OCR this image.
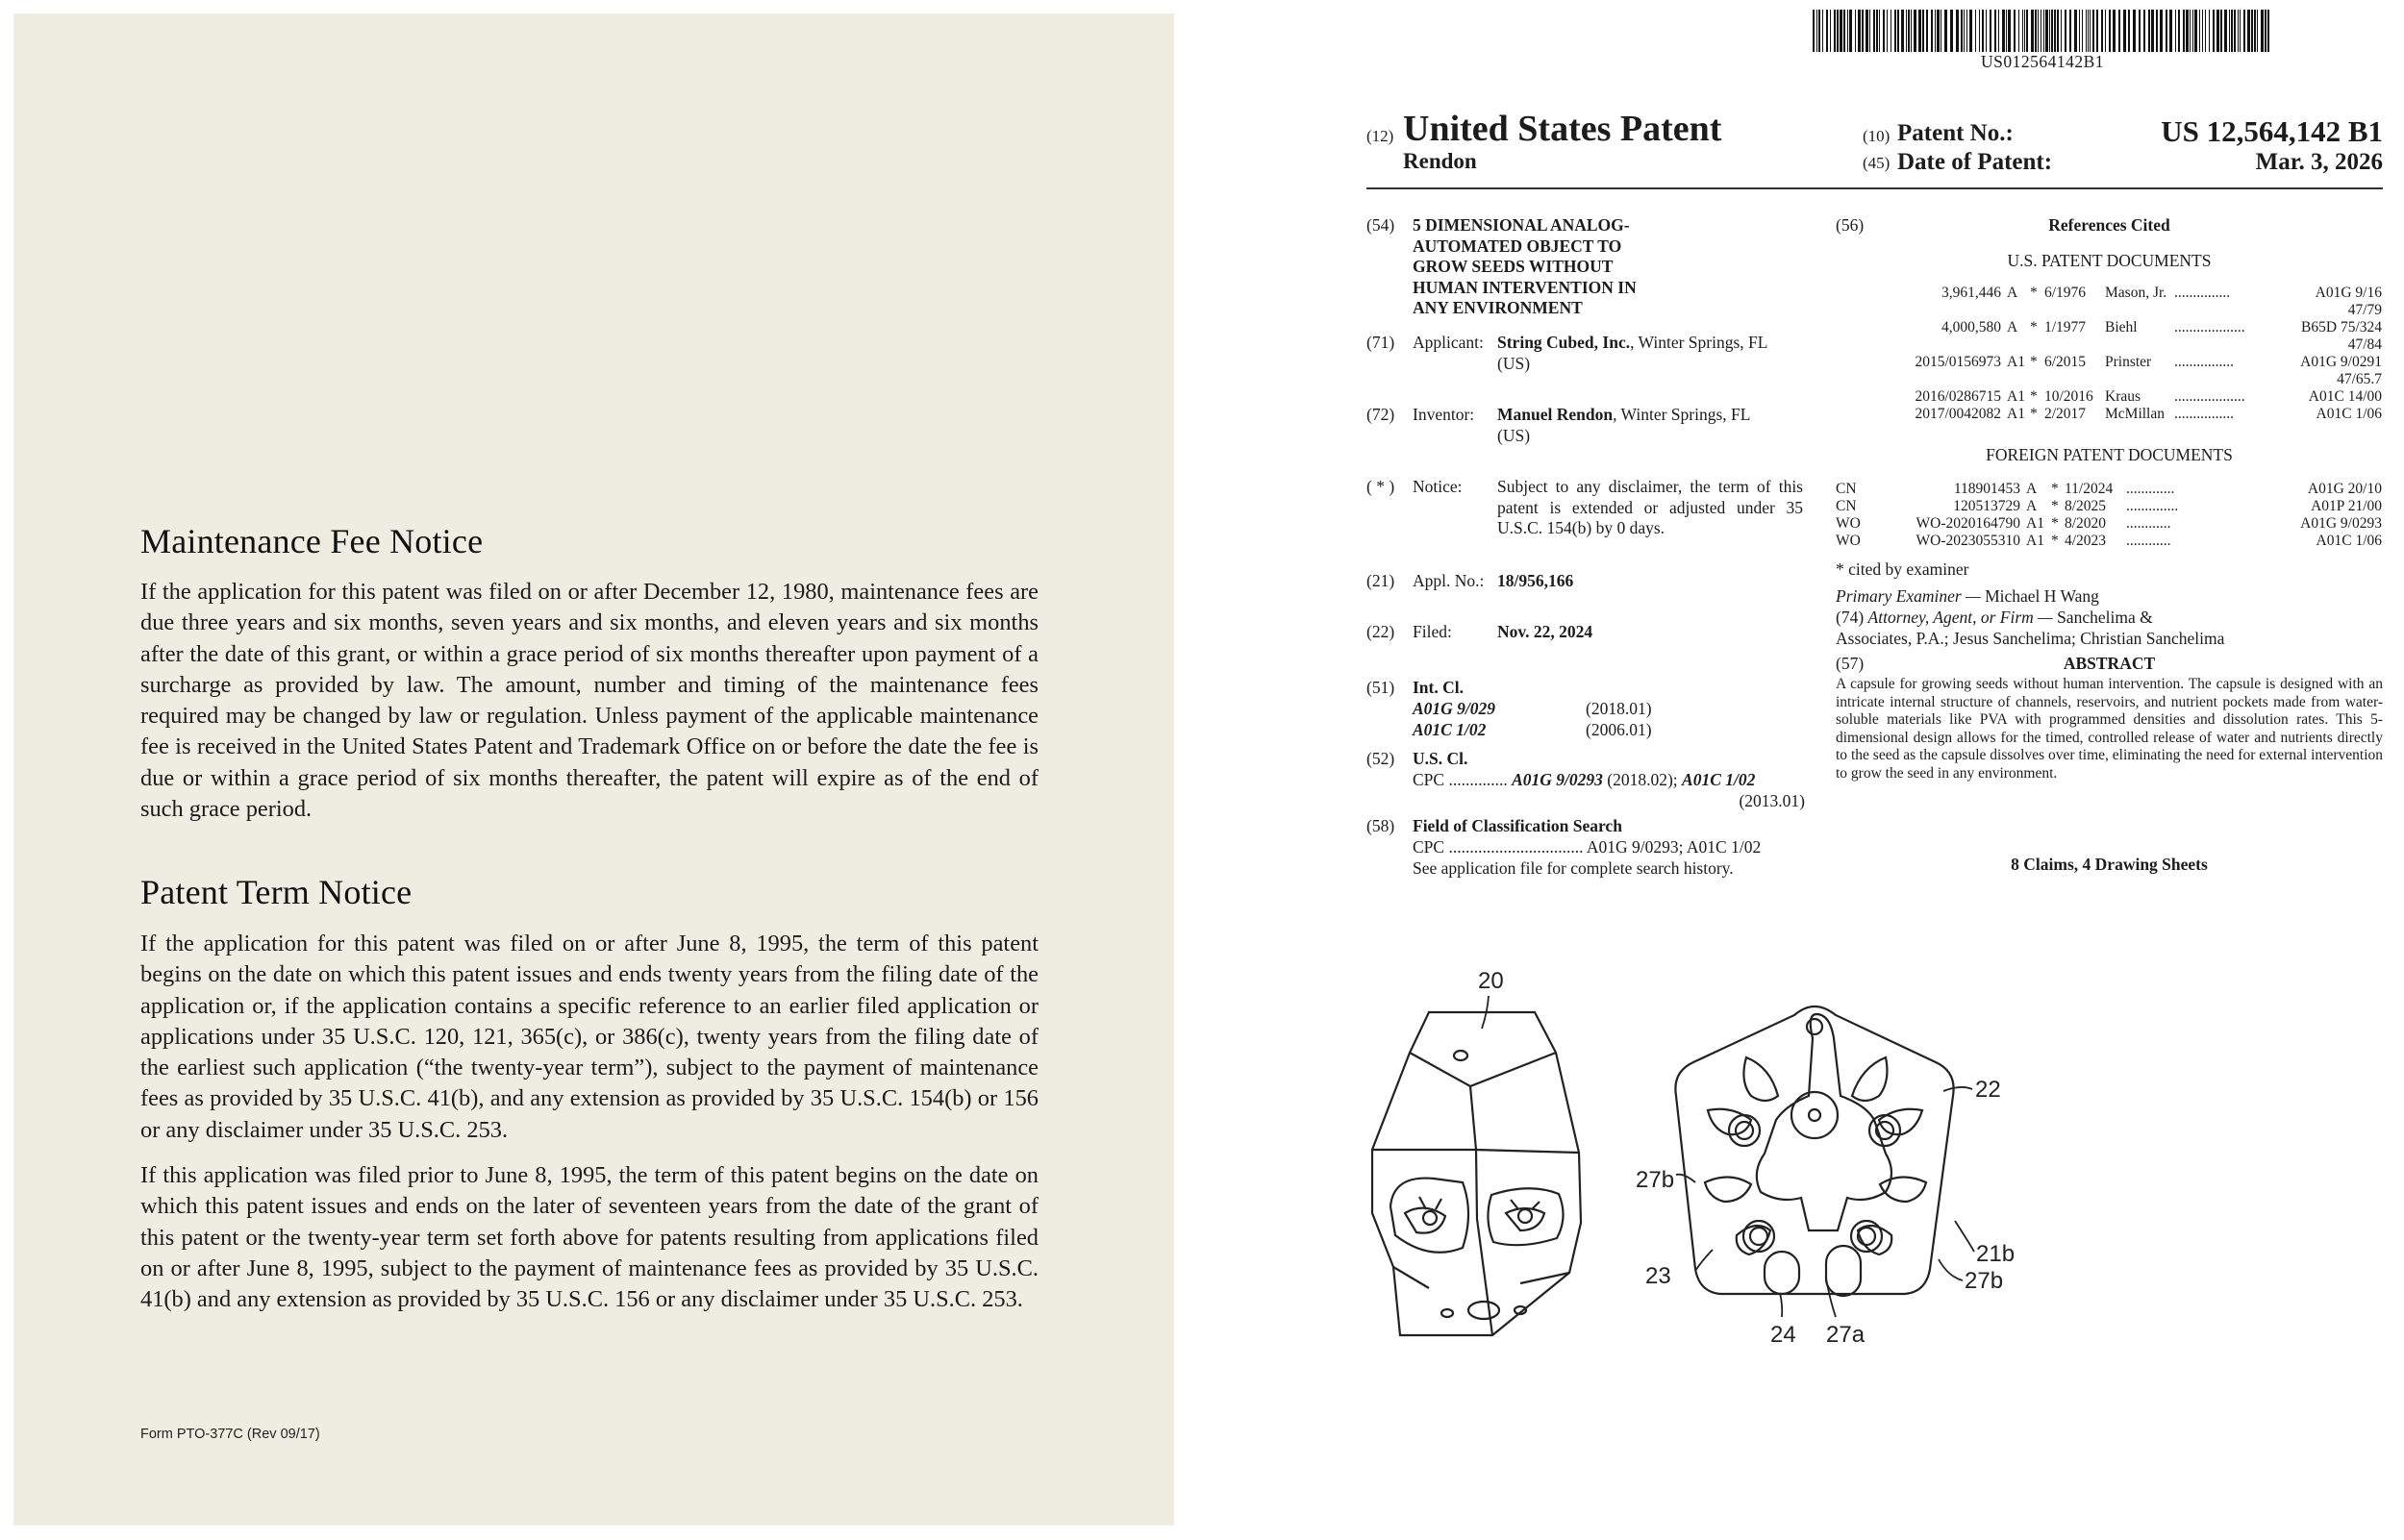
Maintenance Fee Notice

If the application for this patent was filed on or after December 12, 1980, maintenance fees are due three years and six months, seven years and six months, and eleven years and six months after the date of this grant, or within a grace period of six months thereafter upon payment of a surcharge as provided by law. The amount, number and timing of the maintenance fees required may be changed by law or regulation. Unless payment of the applicable maintenance fee is received in the United States Patent and Trademark Office on or before the date the fee is due or within a grace period of six months thereafter, the patent will expire as of the end of such grace period.

Patent Term Notice

If the application for this patent was filed on or after June 8, 1995, the term of this patent begins on the date on which this patent issues and ends twenty years from the filing date of the application or, if the application contains a specific reference to an earlier filed application or applications under 35 U.S.C. 120, 121, 365(c), or 386(c), twenty years from the filing date of the earliest such application (“the twenty-year term”), subject to the payment of maintenance fees as provided by 35 U.S.C. 41(b), and any extension as provided by 35 U.S.C. 154(b) or 156 or any disclaimer under 35 U.S.C. 253.

If this application was filed prior to June 8, 1995, the term of this patent begins on the date on which this patent issues and ends on the later of seventeen years from the date of the grant of this patent or the twenty-year term set forth above for patents resulting from applications filed on or after June 8, 1995, subject to the payment of maintenance fees as provided by 35 U.S.C. 41(b) and any extension as provided by 35 U.S.C. 156 or any disclaimer under 35 U.S.C. 253.

Form PTO-377C (Rev 09/17)
US012564142B1
(12) United States Patent
Rendon
(10) Patent No.:	US 12,564,142 B1
(45) Date of Patent:	Mar. 3, 2026
(54) 5 DIMENSIONAL ANALOG-AUTOMATED OBJECT TO GROW SEEDS WITHOUT HUMAN INTERVENTION IN ANY ENVIRONMENT
(71) Applicant: String Cubed, Inc., Winter Springs, FL
(US)
(72) Inventor: Manuel Rendon, Winter Springs, FL
(US)
( * ) Notice: Subject to any disclaimer, the term of this patent is extended or adjusted under 35 U.S.C. 154(b) by 0 days.
(21) Appl. No.: 18/956,166
(22) Filed:	Nov. 22, 2024
(51) Int. Cl.
A01G 9/029	(2018.01)
A01C 1/02	(2006.01)
(52) U.S. Cl.
CPC .............. A01G 9/0293 (2018.02); A01C 1/02
(2013.01)
(58) Field of Classification Search
CPC ................................ A01G 9/0293; A01C 1/02
See application file for complete search history.
(56)	References Cited
U.S. PATENT DOCUMENTS
FOREIGN PATENT DOCUMENTS
* cited by examiner
Primary Examiner — Michael H Wang
(74) Attorney, Agent, or Firm — Sanchelima &
Associates, P.A.; Jesus Sanchelima; Christian Sanchelima
(57)	ABSTRACT
A capsule for growing seeds without human intervention. The capsule is designed with an intricate internal structure of channels, reservoirs, and nutrient pockets made from water-soluble materials like PVA with programmed densities and dissolution rates. This 5-dimensional design allows for the timed, controlled release of water and nutrients directly to the seed as the capsule dissolves over time, eliminating the need for external intervention to grow the seed in any environment.
8 Claims, 4 Drawing Sheets
20
22
27b
21b
23	27b
24 27a
3,961,446 A * 6/1976	Mason, Jr. ...............	A01G 9/16
47/79
4,000,580 A * 1/1977	Biehl	...................	B65D 75/324
47/84
2015/0156973 A1 * 6/2015	Prinster	................	A01G 9/0291
47/65.7
2016/0286715 A1 * 10/2016 Kraus	...................	A01C 14/00
2017/0042082 A1 * 2/2017	McMillan ................	A01C 1/06
CN	118901453 A * 11/2024 .............	A01G 20/10
CN	120513729 A * 8/2025	..............	A01P 21/00
WO	WO-2020164790 A1 * 8/2020	............	A01G 9/0293
WO	WO-2023055310 A1 * 4/2023	............	A01C 1/06
